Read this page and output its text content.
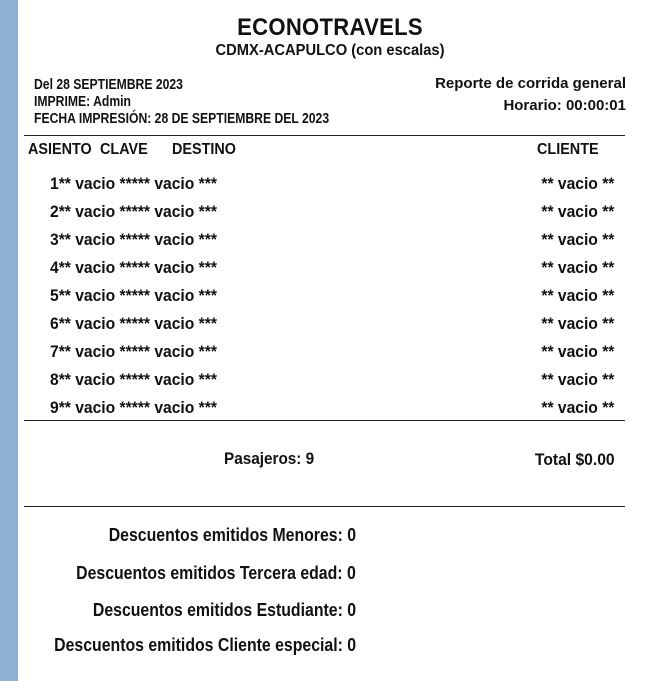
ECONOTRAVELS
CDMX-ACAPULCO (con escalas)
Del 28 SEPTIEMBRE 2023
IMPRIME: Admin
FECHA IMPRESIÓN: 28 DE SEPTIEMBRE DEL 2023
Reporte de corrida general
Horario: 00:00:01
ASIENTO CLAVE DESTINO	CLIENTE
1** vacio ***** vacio ***	** vacio **
2** vacio ***** vacio ***	** vacio **
3** vacio ***** vacio ***	** vacio **
4** vacio ***** vacio ***	** vacio **
5** vacio ***** vacio ***	** vacio **
6** vacio ***** vacio ***	** vacio **
7** vacio ***** vacio ***	** vacio **
8** vacio ***** vacio ***	** vacio **
9** vacio ***** vacio ***	** vacio **
Pasajeros: 9	Total $0.00
Descuentos emitidos Menores: 0
Descuentos emitidos Tercera edad: 0
Descuentos emitidos Estudiante: 0
Descuentos emitidos Cliente especial: 0
